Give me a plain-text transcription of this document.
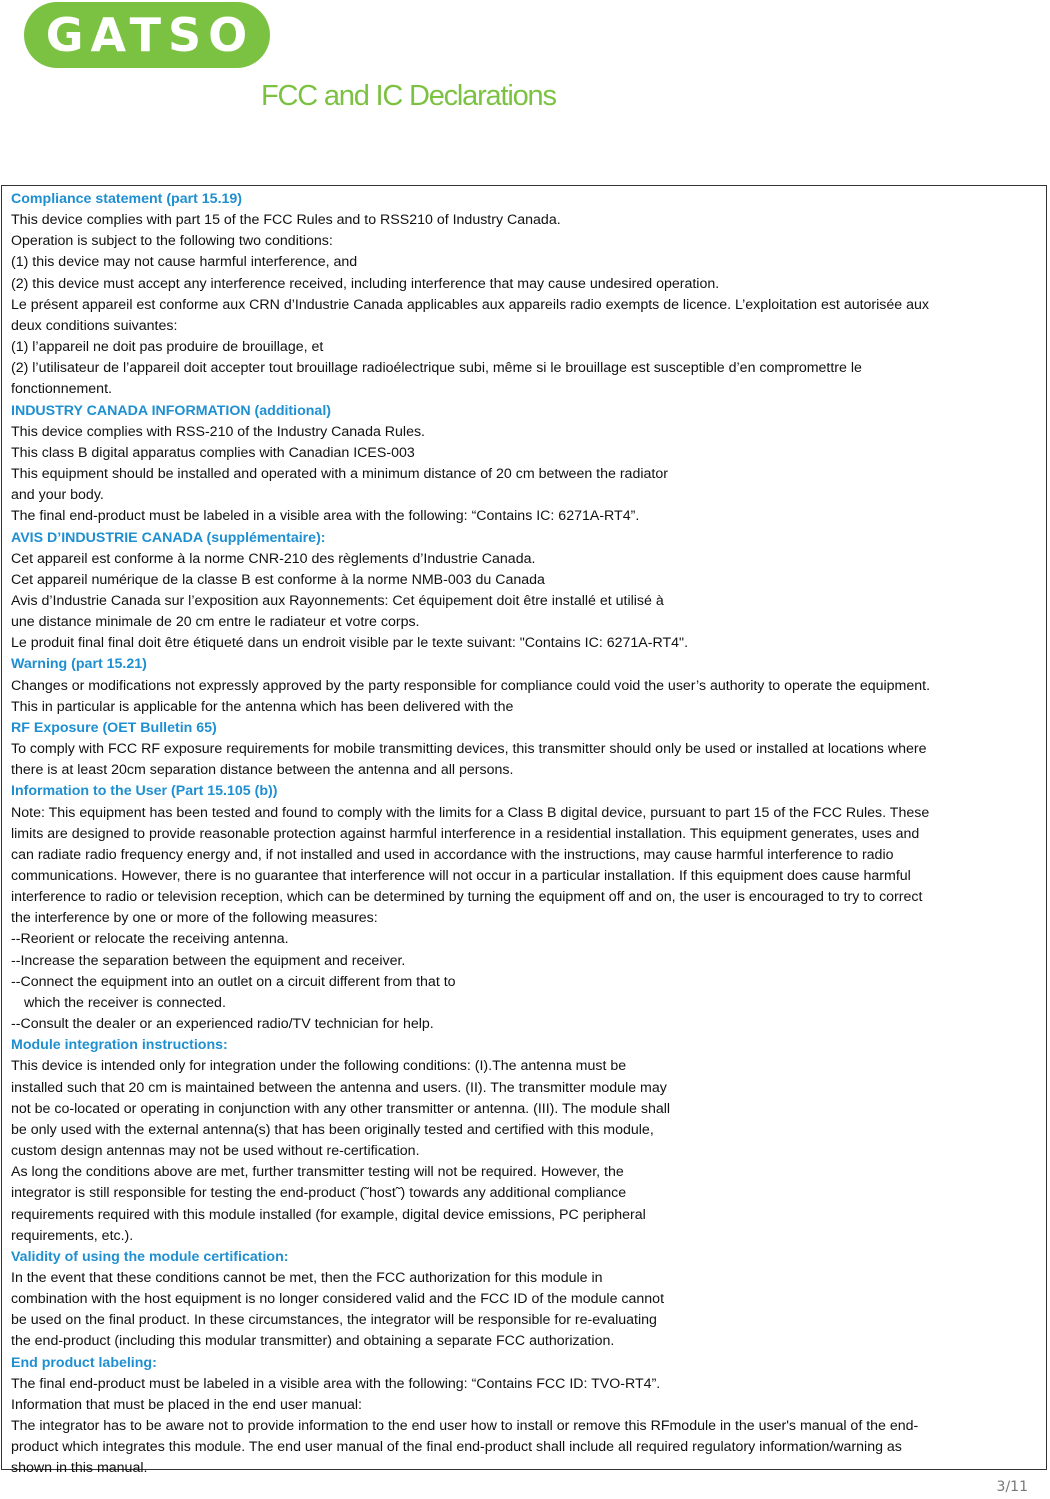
GATSO
FCC and IC Declarations
Compliance statement (part 15.19)
This device complies with part 15 of the FCC Rules and to RSS210 of Industry Canada.
Operation is subject to the following two conditions:
(1) this device may not cause harmful interference, and
(2) this device must accept any interference received, including interference that may cause undesired operation.
Le présent appareil est conforme aux CRN d’Industrie Canada applicables aux appareils radio exempts de licence. L’exploitation est autorisée aux
deux conditions suivantes:
(1) l’appareil ne doit pas produire de brouillage, et
(2) l’utilisateur de l’appareil doit accepter tout brouillage radioélectrique subi, même si le brouillage est susceptible d’en compromettre le
fonctionnement.
INDUSTRY CANADA INFORMATION (additional)
This device complies with RSS-210 of the Industry Canada Rules.
This class B digital apparatus complies with Canadian ICES-003
This equipment should be installed and operated with a minimum distance of 20 cm between the radiator
and your body.
The final end-product must be labeled in a visible area with the following: “Contains IC: 6271A-RT4”.
AVIS D’INDUSTRIE CANADA (supplémentaire):
Cet appareil est conforme à la norme CNR-210 des règlements d’Industrie Canada.
Cet appareil numérique de la classe B est conforme à la norme NMB-003 du Canada
Avis d’Industrie Canada sur l’exposition aux Rayonnements: Cet équipement doit être installé et utilisé à
une distance minimale de 20 cm entre le radiateur et votre corps.
Le produit final final doit être étiqueté dans un endroit visible par le texte suivant: "Contains IC: 6271A-RT4".
Warning (part 15.21)
Changes or modifications not expressly approved by the party responsible for compliance could void the user’s authority to operate the equipment.
This in particular is applicable for the antenna which has been delivered with the
RF Exposure (OET Bulletin 65)
To comply with FCC RF exposure requirements for mobile transmitting devices, this transmitter should only be used or installed at locations where
there is at least 20cm separation distance between the antenna and all persons.
Information to the User (Part 15.105 (b))
Note: This equipment has been tested and found to comply with the limits for a Class B digital device, pursuant to part 15 of the FCC Rules. These
limits are designed to provide reasonable protection against harmful interference in a residential installation. This equipment generates, uses and
can radiate radio frequency energy and, if not installed and used in accordance with the instructions, may cause harmful interference to radio
communications. However, there is no guarantee that interference will not occur in a particular installation. If this equipment does cause harmful
interference to radio or television reception, which can be determined by turning the equipment off and on, the user is encouraged to try to correct
the interference by one or more of the following measures:
--Reorient or relocate the receiving antenna.
--Increase the separation between the equipment and receiver.
--Connect the equipment into an outlet on a circuit different from that to
which the receiver is connected.
--Consult the dealer or an experienced radio/TV technician for help.
Module integration instructions:
This device is intended only for integration under the following conditions: (I).The antenna must be
installed such that 20 cm is maintained between the antenna and users. (II). The transmitter module may
not be co-located or operating in conjunction with any other transmitter or antenna. (III). The module shall
be only used with the external antenna(s) that has been originally tested and certified with this module,
custom design antennas may not be used without re-certification.
As long the conditions above are met, further transmitter testing will not be required. However, the
integrator is still responsible for testing the end-product (˜host˜) towards any additional compliance
requirements required with this module installed (for example, digital device emissions, PC peripheral
requirements, etc.).
Validity of using the module certification:
In the event that these conditions cannot be met, then the FCC authorization for this module in
combination with the host equipment is no longer considered valid and the FCC ID of the module cannot
be used on the final product. In these circumstances, the integrator will be responsible for re-evaluating
the end-product (including this modular transmitter) and obtaining a separate FCC authorization.
End product labeling:
The final end-product must be labeled in a visible area with the following: “Contains FCC ID: TVO-RT4”.
Information that must be placed in the end user manual:
The integrator has to be aware not to provide information to the end user how to install or remove this RFmodule in the user's manual of the end-
product which integrates this module. The end user manual of the final end-product shall include all required regulatory information/warning as
shown in this manual.
3/11
